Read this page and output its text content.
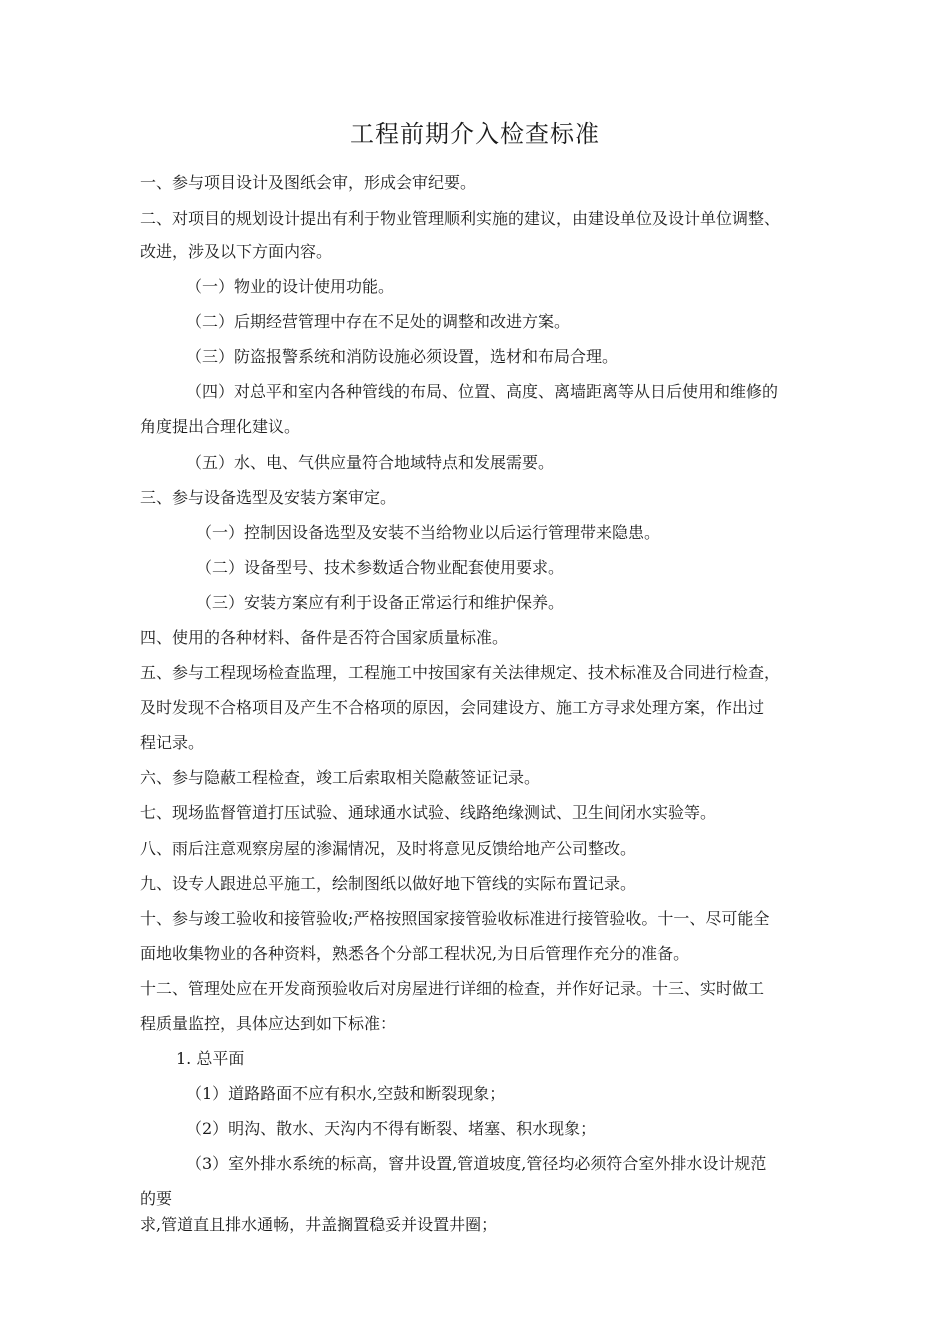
工程前期介入检查标准
一、参与项目设计及图纸会审，形成会审纪要。
二、对项目的规划设计提出有利于物业管理顺利实施的建议，由建设单位及设计单位调整、
改进，涉及以下方面内容。
（一）物业的设计使用功能。
（二）后期经营管理中存在不足处的调整和改进方案。
（三）防盗报警系统和消防设施必须设置，选材和布局合理。
（四）对总平和室内各种管线的布局、位置、高度、离墙距离等从日后使用和维修的
角度提出合理化建议。
（五）水、电、气供应量符合地域特点和发展需要。
三、参与设备选型及安装方案审定。
（一）控制因设备选型及安装不当给物业以后运行管理带来隐患。
（二）设备型号、技术参数适合物业配套使用要求。
（三）安装方案应有利于设备正常运行和维护保养。
四、使用的各种材料、备件是否符合国家质量标准。
五、参与工程现场检查监理，工程施工中按国家有关法律规定、技术标准及合同进行检查，
及时发现不合格项目及产生不合格项的原因，会同建设方、施工方寻求处理方案，作出过
程记录。
六、参与隐蔽工程检查，竣工后索取相关隐蔽签证记录。
七、现场监督管道打压试验、通球通水试验、线路绝缘测试、卫生间闭水实验等。
八、雨后注意观察房屋的渗漏情况，及时将意见反馈给地产公司整改。
九、设专人跟进总平施工，绘制图纸以做好地下管线的实际布置记录。
十、参与竣工验收和接管验收;严格按照国家接管验收标准进行接管验收。十一、尽可能全
面地收集物业的各种资料，熟悉各个分部工程状况,为日后管理作充分的准备。
十二、管理处应在开发商预验收后对房屋进行详细的检查，并作好记录。十三、实时做工
程质量监控，具体应达到如下标准：
1. 总平面
（1）道路路面不应有积水,空鼓和断裂现象；
（2）明沟、散水、天沟内不得有断裂、堵塞、积水现象；
（3）室外排水系统的标高，窨井设置,管道坡度,管径均必须符合室外排水设计规范
的要
求,管道直且排水通畅，井盖搁置稳妥并设置井圈；
